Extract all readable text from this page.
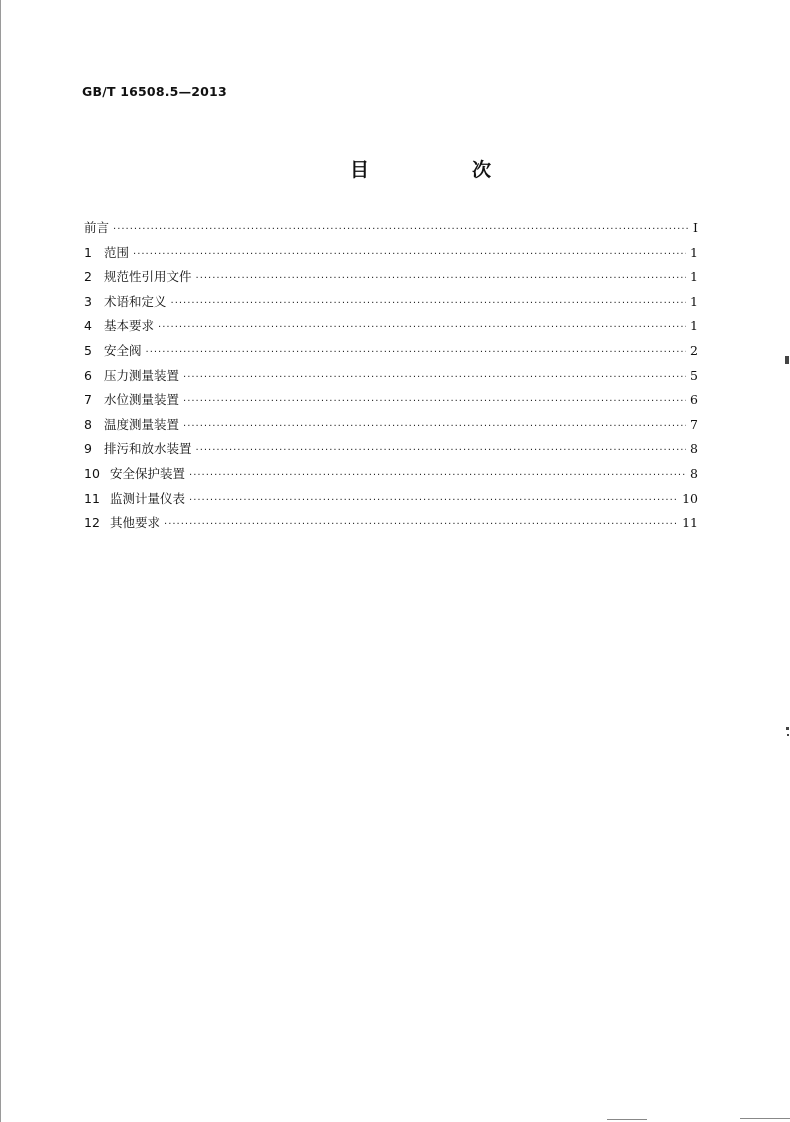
GB/T 16508.5—2013
目　次
前言 ·····	Ⅰ
1 范围 ·····	1
2 规范性引用文件 ·····	1
3 术语和定义 ·····	1
4 基本要求 ·····	1
5 安全阀 ·····	2
6 压力测量装置 ·····	5
7 水位测量装置 ·····	6
8 温度测量装置 ·····	7
9 排污和放水装置 ·····	8
10 安全保护装置 ·····	8
11 监测计量仪表 ·····	10
12 其他要求 ·····	11
